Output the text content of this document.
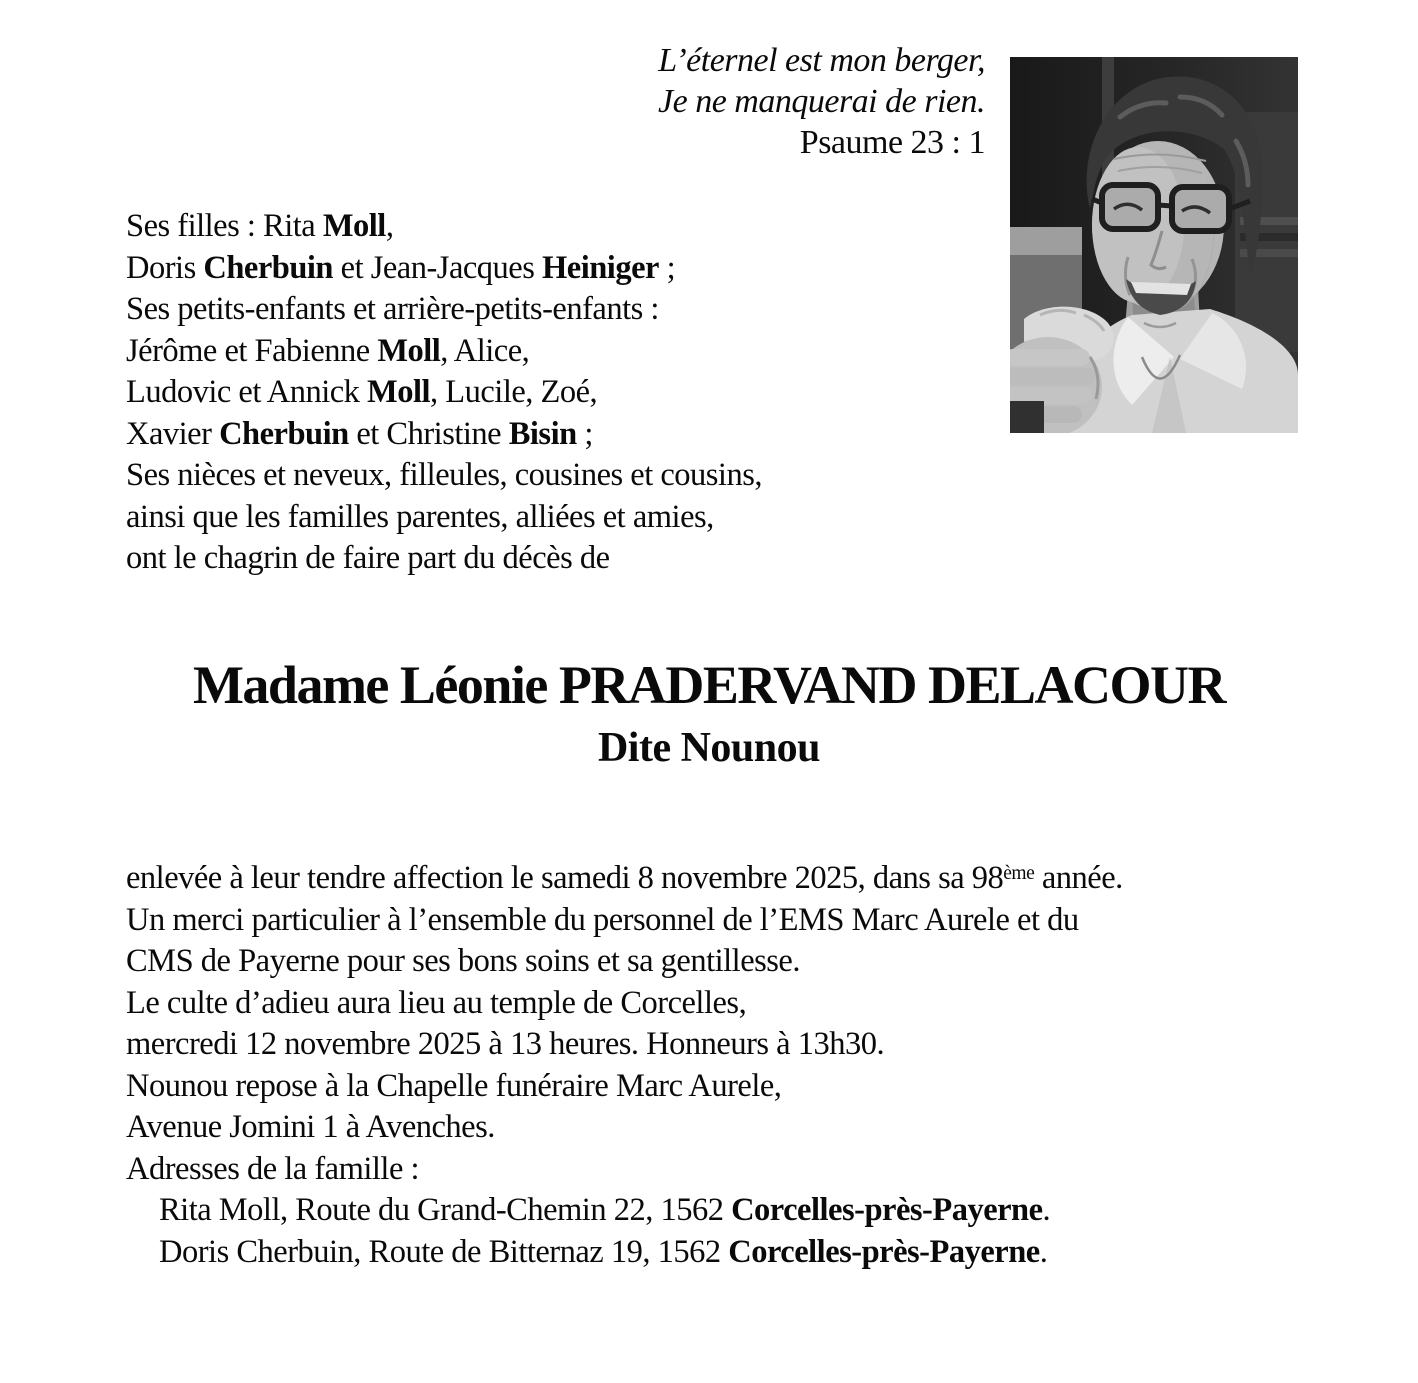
L’éternel est mon berger,
Je ne manquerai de rien.
Psaume 23 : 1
Ses filles : Rita Moll,
Doris Cherbuin et Jean-Jacques Heiniger ;
Ses petits-enfants et arrière-petits-enfants :
Jérôme et Fabienne Moll, Alice,
Ludovic et Annick Moll, Lucile, Zoé,
Xavier Cherbuin et Christine Bisin ;
Ses nièces et neveux, filleules, cousines et cousins,
ainsi que les familles parentes, alliées et amies,
ont le chagrin de faire part du décès de
Madame Léonie PRADERVAND DELACOUR
Dite Nounou
enlevée à leur tendre affection le samedi 8 novembre 2025, dans sa 98ème année.
Un merci particulier à l’ensemble du personnel de l’EMS Marc Aurele et du
CMS de Payerne pour ses bons soins et sa gentillesse.
Le culte d’adieu aura lieu au temple de Corcelles,
mercredi 12 novembre 2025 à 13 heures. Honneurs à 13h30.
Nounou repose à la Chapelle funéraire Marc Aurele,
Avenue Jomini 1 à Avenches.
Adresses de la famille :
Rita Moll, Route du Grand-Chemin 22, 1562 Corcelles-près-Payerne.
Doris Cherbuin, Route de Bitternaz 19, 1562 Corcelles-près-Payerne.
